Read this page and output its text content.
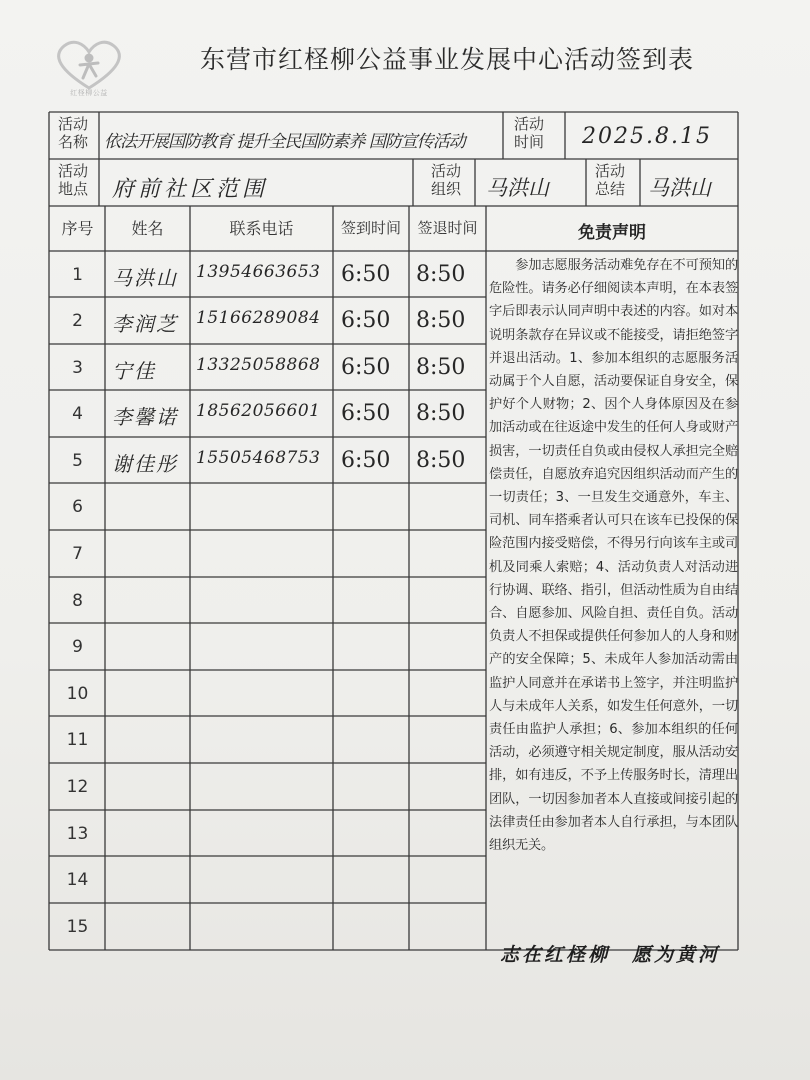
红柽柳公益
东营市红柽柳公益事业发展中心活动签到表
活动
名称 依法开展国防教育 提升全民国防素养 国防宣传活动
活动
时间 2025.8.15
活动
地点 府前社区范围
活动
组织 马洪山
活动
总结 马洪山
序号	姓名	联系电话	签到时间	签退时间
1	马洪山 13954663653 6:50 8:50
2	李润芝 15166289084 6:50 8:50
3	宁佳 13325058868 6:50 8:50
4	李馨诺 18562056601 6:50 8:50
5	谢佳彤 15505468753 6:50 8:50
6
7
8
9
10
11
12
13
14
15
免责声明
　　参加志愿服务活动难免存在不可预知的危险性。请务必仔细阅读本声明，在本表签字后即表示认同声明中表述的内容。如对本说明条款存在异议或不能接受，请拒绝签字并退出活动。1、参加本组织的志愿服务活动属于个人自愿，活动要保证自身安全，保护好个人财物；2、因个人身体原因及在参加活动或在往返途中发生的任何人身或财产损害，一切责任自负或由侵权人承担完全赔偿责任，自愿放弃追究因组织活动而产生的一切责任；3、一旦发生交通意外，车主、司机、同车搭乘者认可只在该车已投保的保险范围内接受赔偿，不得另行向该车主或司机及同乘人索赔；4、活动负责人对活动进行协调、联络、指引，但活动性质为自由结合、自愿参加、风险自担、责任自负。活动负责人不担保或提供任何参加人的人身和财产的安全保障；5、未成年人参加活动需由监护人同意并在承诺书上签字，并注明监护人与未成年人关系，如发生任何意外，一切责任由监护人承担；6、参加本组织的任何活动，必须遵守相关规定制度，服从活动安排，如有违反，不予上传服务时长，清理出团队，一切因参加者本人直接或间接引起的法律责任由参加者本人自行承担，与本团队组织无关。
志在红柽柳　愿为黄河
